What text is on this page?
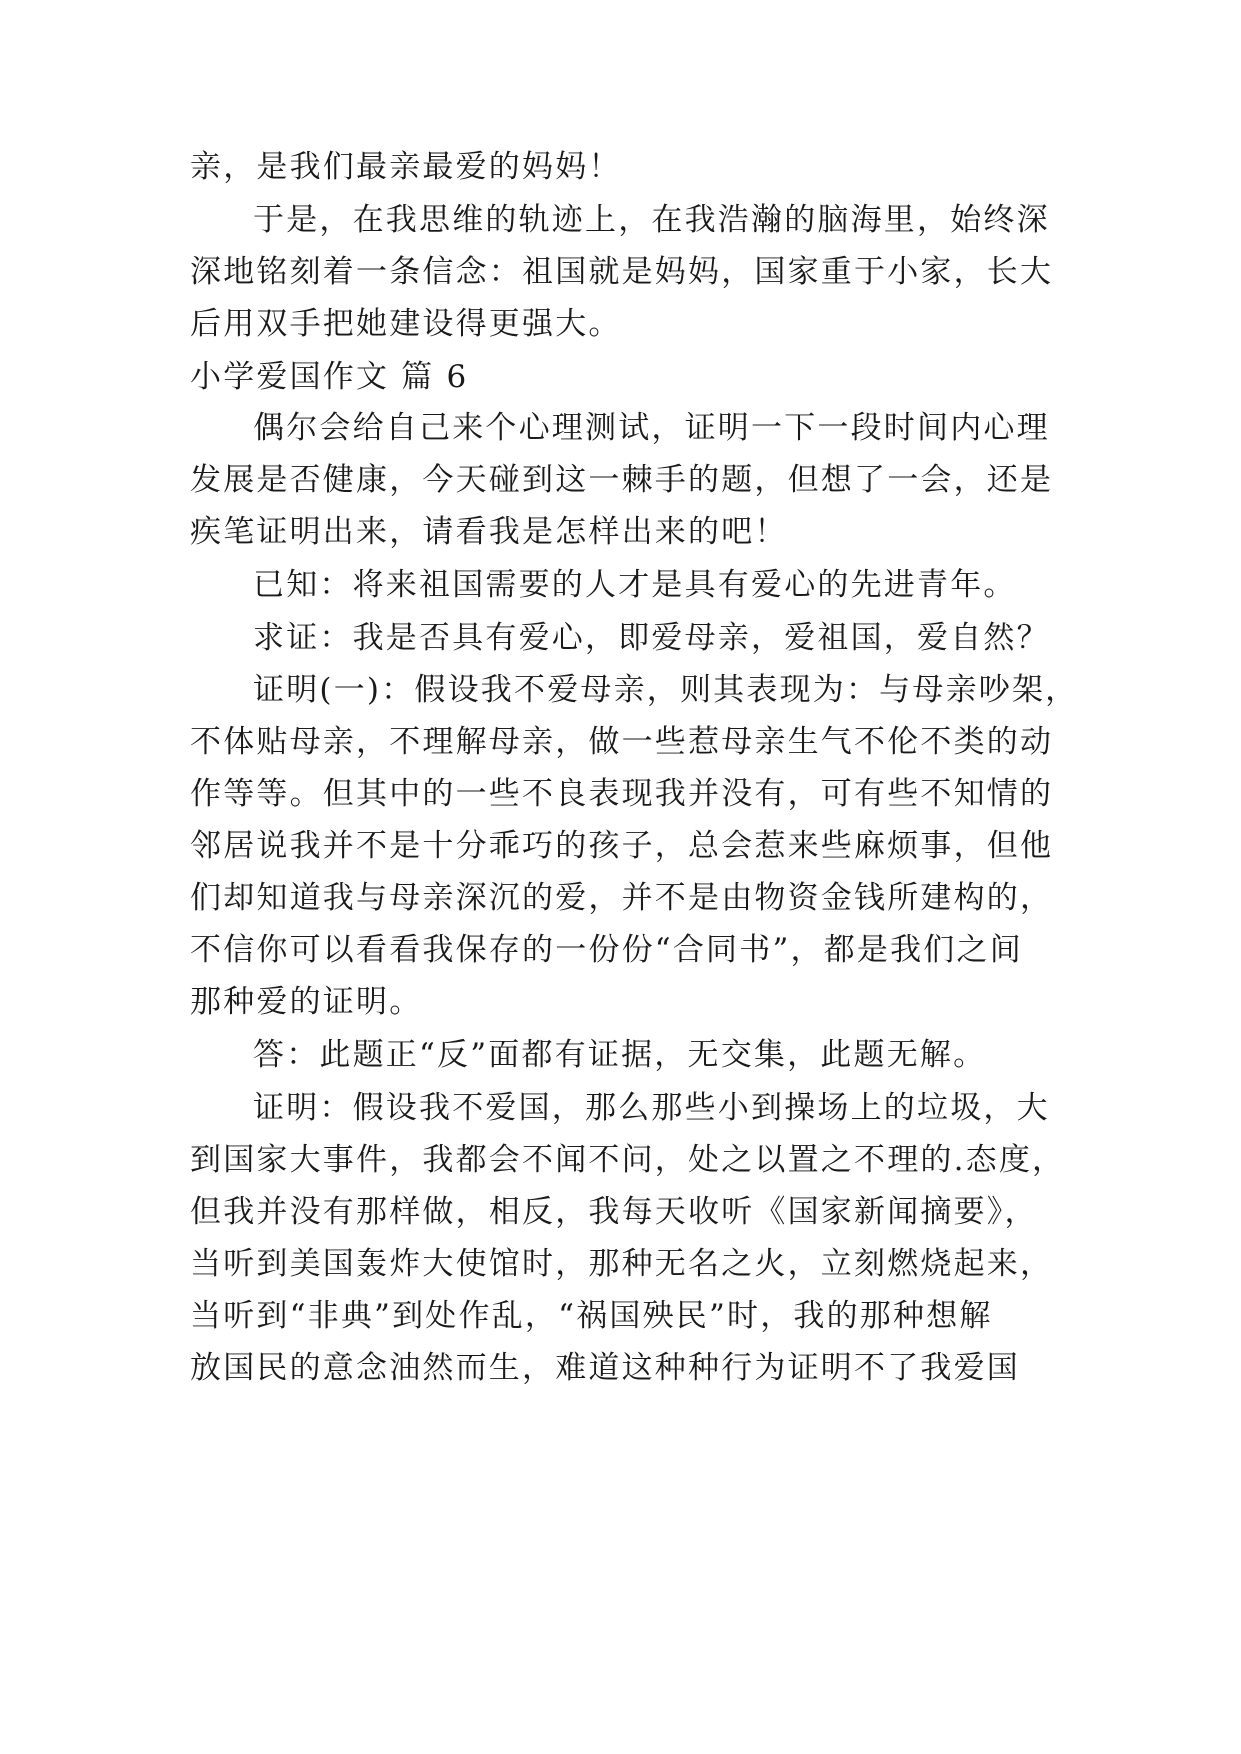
亲，是我们最亲最爱的妈妈！
于是，在我思维的轨迹上，在我浩瀚的脑海里，始终深
深地铭刻着一条信念：祖国就是妈妈，国家重于小家，长大
后用双手把她建设得更强大。
小学爱国作文 篇 6
偶尔会给自己来个心理测试，证明一下一段时间内心理
发展是否健康，今天碰到这一棘手的题，但想了一会，还是
疾笔证明出来，请看我是怎样出来的吧！
已知：将来祖国需要的人才是具有爱心的先进青年。
求证：我是否具有爱心，即爱母亲，爱祖国，爱自然？
证明(一)：假设我不爱母亲，则其表现为：与母亲吵架，
不体贴母亲，不理解母亲，做一些惹母亲生气不伦不类的动
作等等。但其中的一些不良表现我并没有，可有些不知情的
邻居说我并不是十分乖巧的孩子，总会惹来些麻烦事，但他
们却知道我与母亲深沉的爱，并不是由物资金钱所建构的，
不信你可以看看我保存的一份份“合同书”，都是我们之间
那种爱的证明。
答：此题正“反”面都有证据，无交集，此题无解。
证明：假设我不爱国，那么那些小到操场上的垃圾，大
到国家大事件，我都会不闻不问，处之以置之不理的.态度，
但我并没有那样做，相反，我每天收听《国家新闻摘要》，
当听到美国轰炸大使馆时，那种无名之火，立刻燃烧起来，
当听到“非典”到处作乱，“祸国殃民”时，我的那种想解
放国民的意念油然而生，难道这种种行为证明不了我爱国
